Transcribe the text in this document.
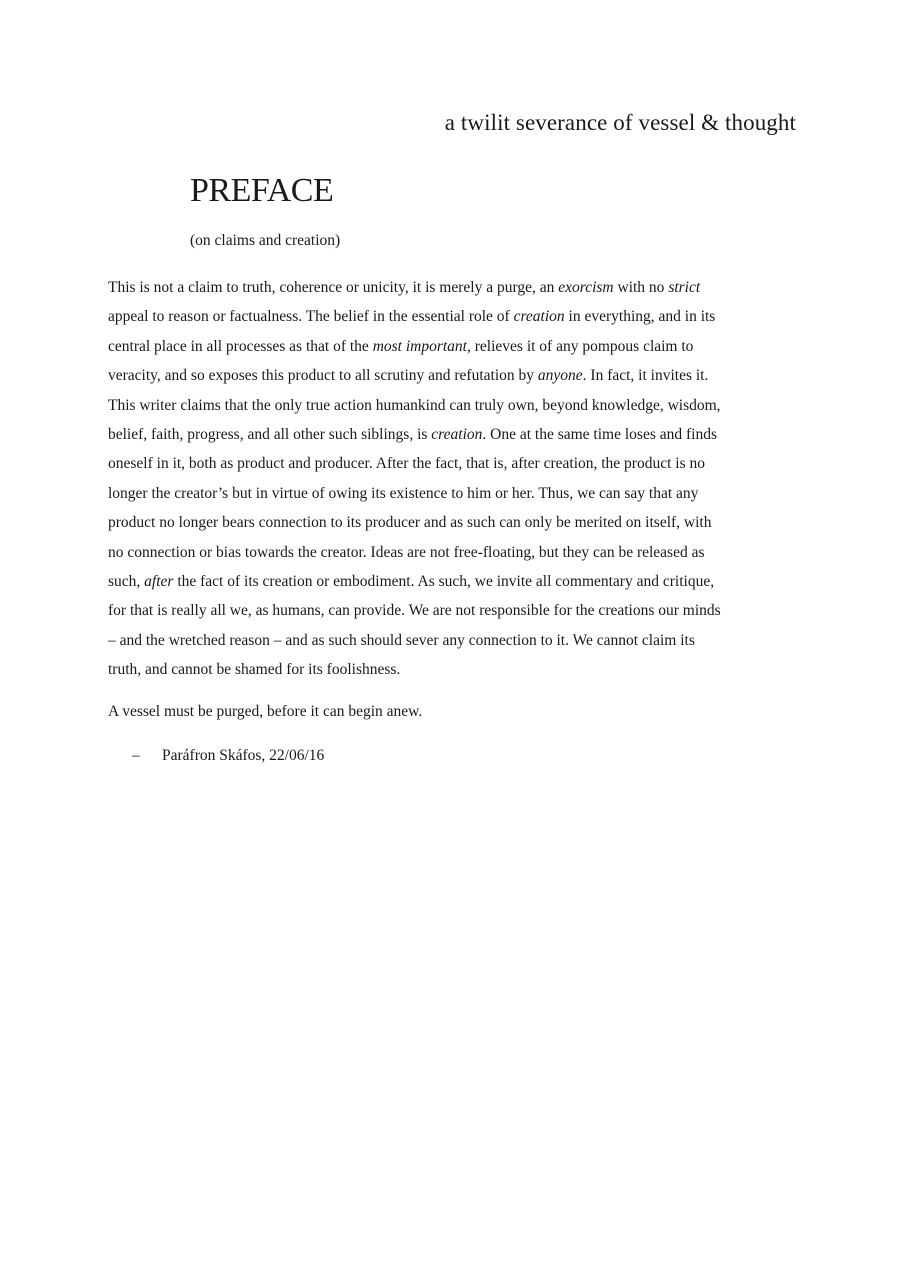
a twilit severance of vessel & thought
PREFACE
(on claims and creation)
This is not a claim to truth, coherence or unicity, it is merely a purge, an exorcism with no strict
appeal to reason or factualness. The belief in the essential role of creation in everything, and in its
central place in all processes as that of the most important, relieves it of any pompous claim to
veracity, and so exposes this product to all scrutiny and refutation by anyone. In fact, it invites it.
This writer claims that the only true action humankind can truly own, beyond knowledge, wisdom,
belief, faith, progress, and all other such siblings, is creation. One at the same time loses and finds
oneself in it, both as product and producer. After the fact, that is, after creation, the product is no
longer the creator’s but in virtue of owing its existence to him or her. Thus, we can say that any
product no longer bears connection to its producer and as such can only be merited on itself, with
no connection or bias towards the creator. Ideas are not free-floating, but they can be released as
such, after the fact of its creation or embodiment. As such, we invite all commentary and critique,
for that is really all we, as humans, can provide. We are not responsible for the creations our minds
– and the wretched reason – and as such should sever any connection to it. We cannot claim its
truth, and cannot be shamed for its foolishness.
A vessel must be purged, before it can begin anew.
– Paráfron Skáfos, 22/06/16
